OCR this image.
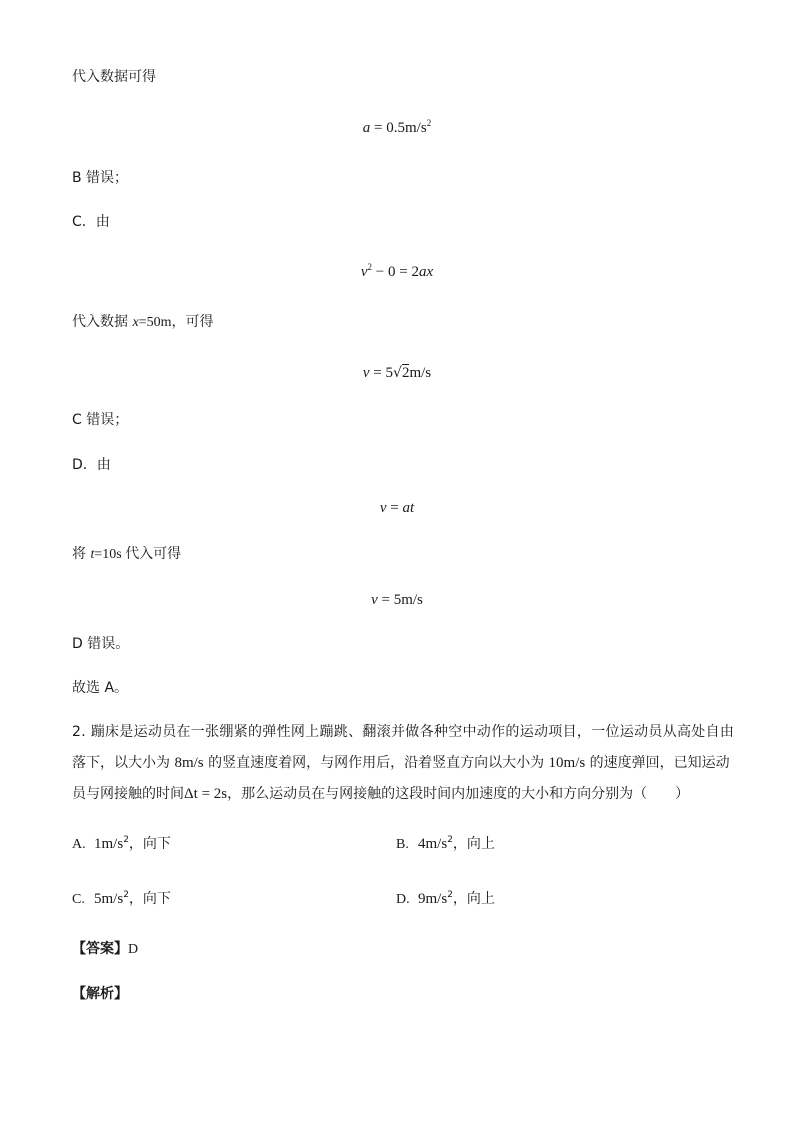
代入数据可得
$a = 0.5m/s^2$
B 错误；
C．由
$v^2 - 0 = 2ax$
代入数据 x=50m，可得
v = 5√2m/s
C 错误；
D．由
v = at
将 t=10s 代入可得
v = 5m/s
D 错误。
故选 A。
2. 蹦床是运动员在一张绷紧的弹性网上蹦跳、翻滚并做各种空中动作的运动项目，一位运动员从高处自由
落下，以大小为 8m/s 的竖直速度着网，与网作用后，沿着竖直方向以大小为 10m/s 的速度弹回，已知运动
员与网接触的时间Δt = 2s，那么运动员在与网接触的这段时间内加速度的大小和方向分别为（　　）
A. $1m/s^2$，向下	B. $4m/s^2$，向上
C. $5m/s^2$，向下	D. $9m/s^2$，向上
【答案】D
【解析】
